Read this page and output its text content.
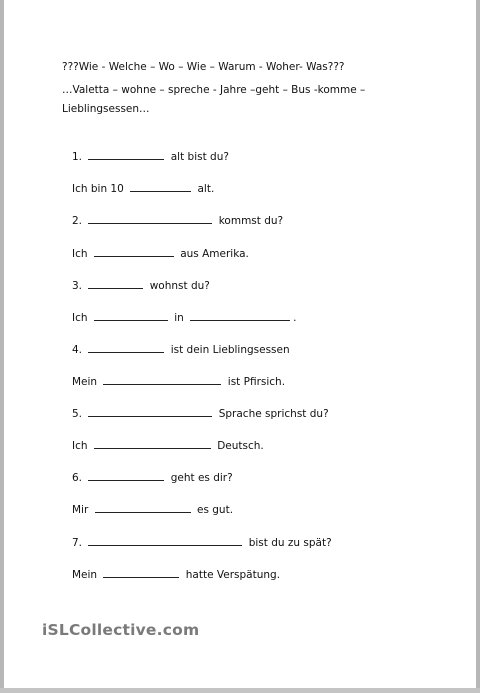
???Wie - Welche – Wo – Wie – Warum - Woher- Was???
…Valetta – wohne – spreche - Jahre –geht – Bus -komme –
Lieblingsessen…
1.	alt bist du?
Ich bin 10	alt.
2.	kommst du?
Ich	aus Amerika.
3.	wohnst du?
Ich	in	.
4.	ist dein Lieblingsessen
Mein	ist Pfirsich.
5.	Sprache sprichst du?
Ich	Deutsch.
6.	geht es dir?
Mir	es gut.
7.	bist du zu spät?
Mein	hatte Verspätung.
iSLCollective.com
